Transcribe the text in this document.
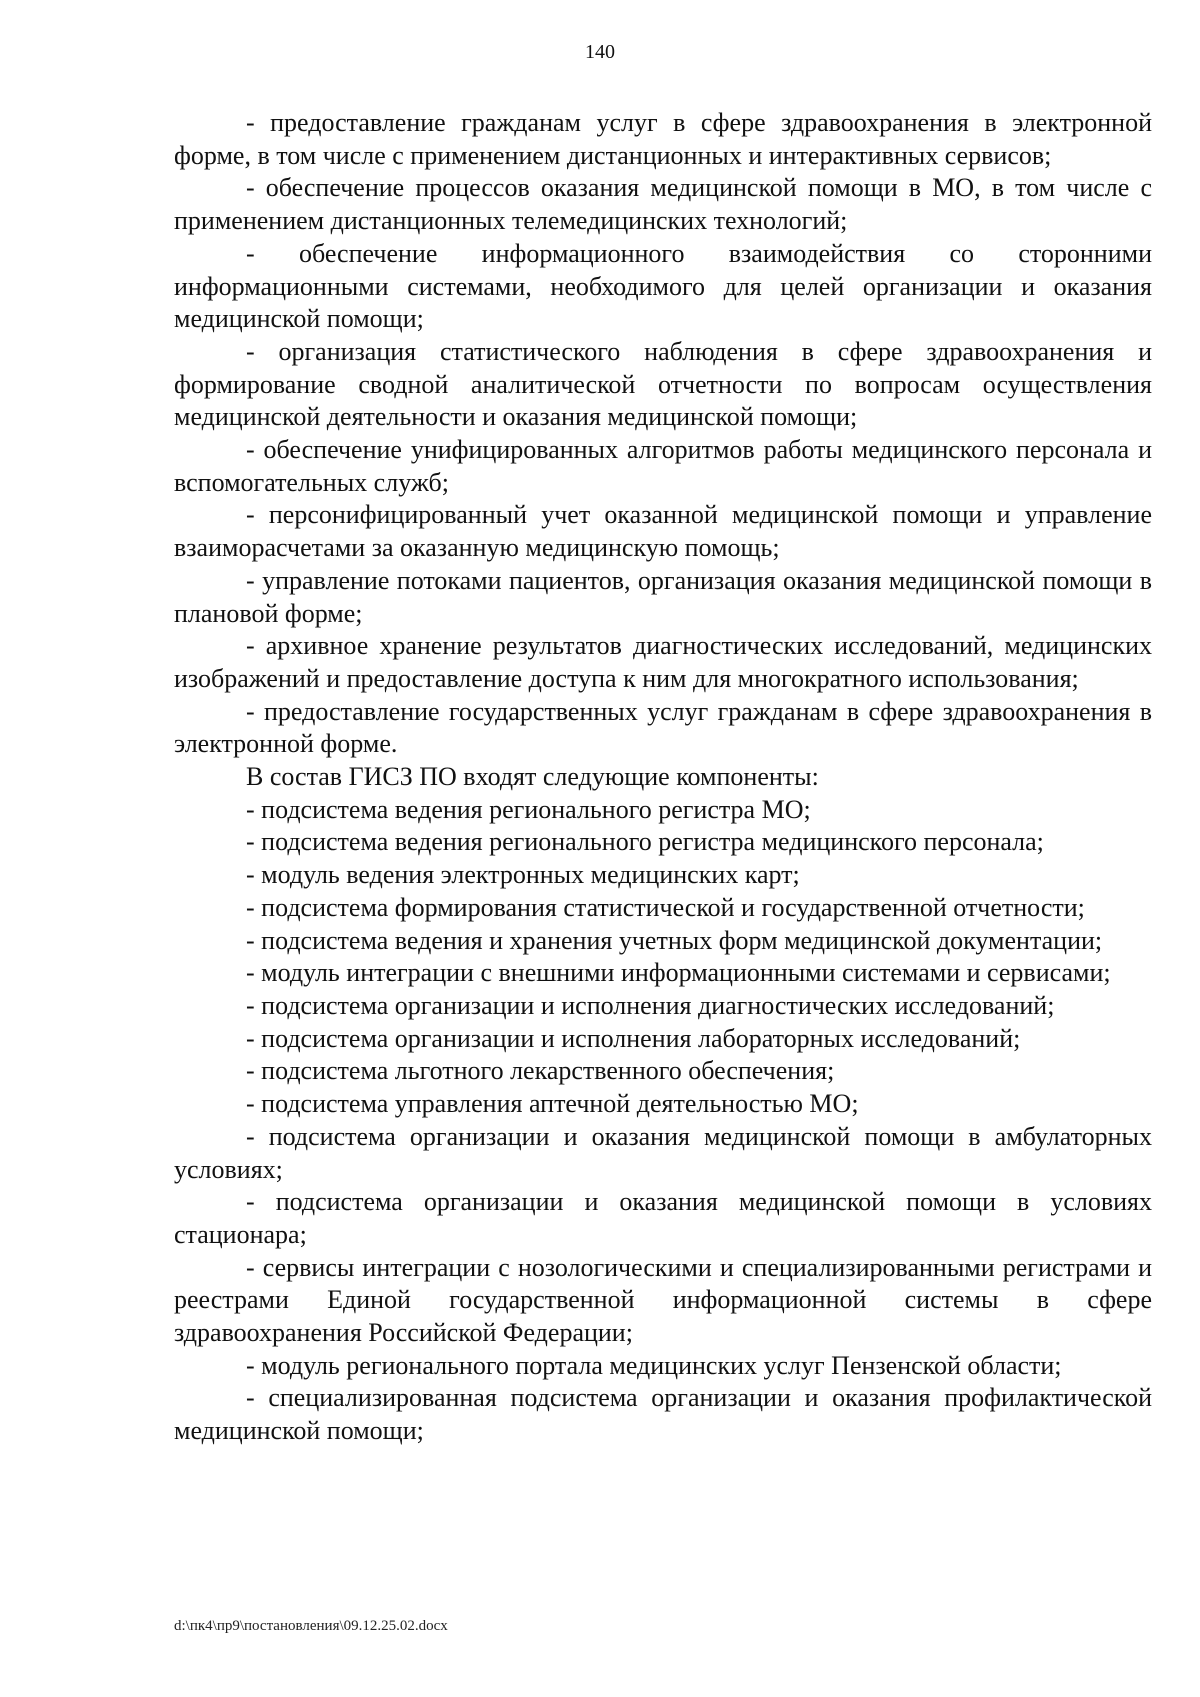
140

- предоставление гражданам услуг в сфере здравоохранения в электронной форме, в том числе с применением дистанционных и интерактивных сервисов;

- обеспечение процессов оказания медицинской помощи в МО, в том числе с применением дистанционных телемедицинских технологий;

- обеспечение информационного взаимодействия со сторонними информационными системами, необходимого для целей организации и оказания медицинской помощи;

- организация статистического наблюдения в сфере здравоохранения и формирование сводной аналитической отчетности по вопросам осуществления медицинской деятельности и оказания медицинской помощи;

- обеспечение унифицированных алгоритмов работы медицинского персонала и вспомогательных служб;

- персонифицированный учет оказанной медицинской помощи и управление взаиморасчетами за оказанную медицинскую помощь;

- управление потоками пациентов, организация оказания медицинской помощи в плановой форме;

- архивное хранение результатов диагностических исследований, медицинских изображений и предоставление доступа к ним для многократного использования;

- предоставление государственных услуг гражданам в сфере здравоохранения в электронной форме.

В состав ГИСЗ ПО входят следующие компоненты:

- подсистема ведения регионального регистра МО;

- подсистема ведения регионального регистра медицинского персонала;

- модуль ведения электронных медицинских карт;

- подсистема формирования статистической и государственной отчетности;

- подсистема ведения и хранения учетных форм медицинской документации;

- модуль интеграции с внешними информационными системами и сервисами;

- подсистема организации и исполнения диагностических исследований;

- подсистема организации и исполнения лабораторных исследований;

- подсистема льготного лекарственного обеспечения;

- подсистема управления аптечной деятельностью МО;

- подсистема организации и оказания медицинской помощи в амбулаторных условиях;

- подсистема организации и оказания медицинской помощи в условиях стационара;

- сервисы интеграции с нозологическими и специализированными регистрами и реестрами Единой государственной информационной системы в сфере здравоохранения Российской Федерации;

- модуль регионального портала медицинских услуг Пензенской области;

- специализированная подсистема организации и оказания профилактической медицинской помощи;

d:\пк4\пр9\постановления\09.12.25.02.docx
